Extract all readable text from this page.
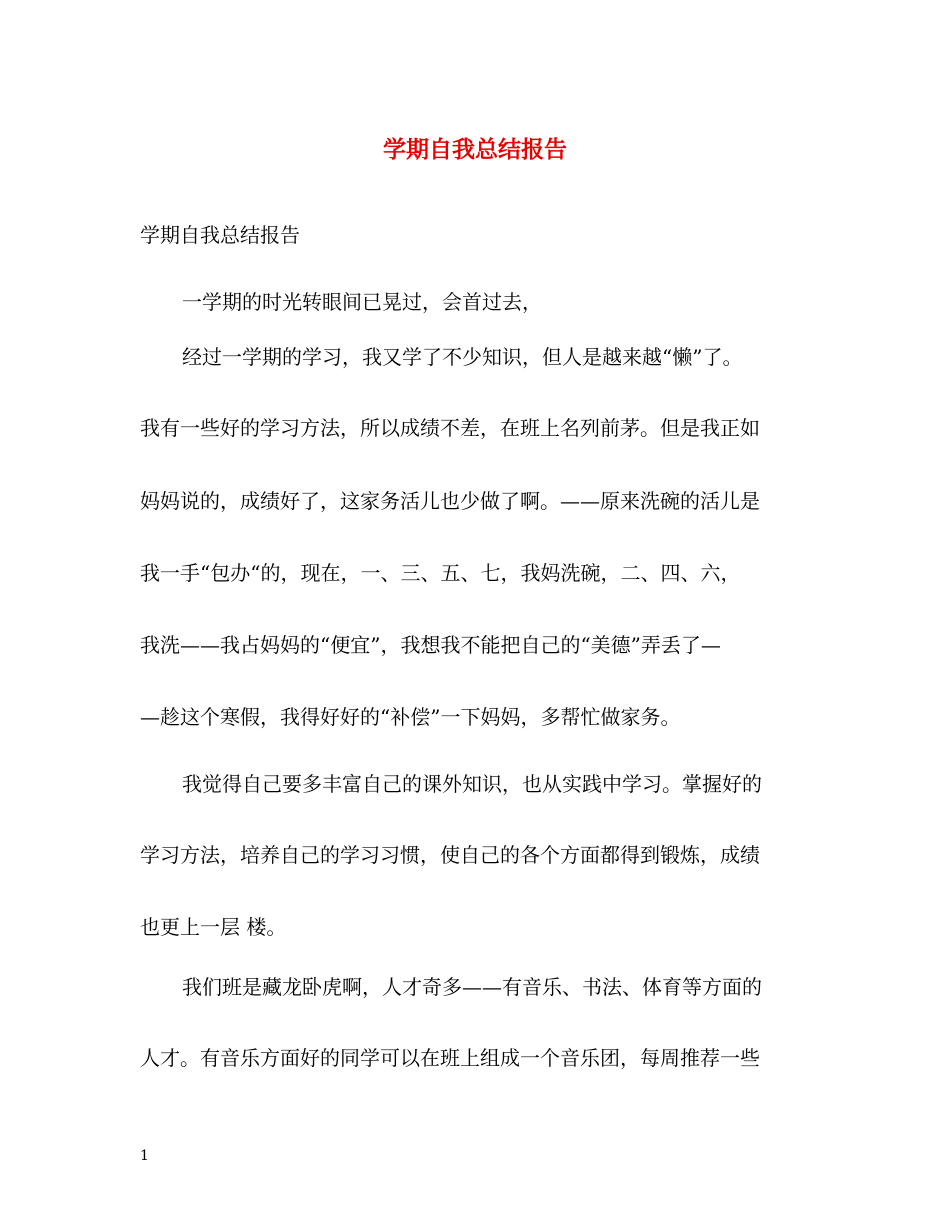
学期自我总结报告
学期自我总结报告
一学期的时光转眼间已晃过，会首过去，
经过一学期的学习，我又学了不少知识，但人是越来越“懒”了。
我有一些好的学习方法，所以成绩不差，在班上名列前茅。但是我正如
妈妈说的，成绩好了，这家务活儿也少做了啊。——原来洗碗的活儿是
我一手“包办“的，现在，一、三、五、七，我妈洗碗，二、四、六，
我洗——我占妈妈的“便宜”，我想我不能把自己的“美德”弄丢了—
—趁这个寒假，我得好好的“补偿”一下妈妈，多帮忙做家务。
我觉得自己要多丰富自己的课外知识，也从实践中学习。掌握好的
学习方法，培养自己的学习习惯，使自己的各个方面都得到锻炼，成绩
也更上一层 楼。
我们班是藏龙卧虎啊，人才奇多——有音乐、书法、体育等方面的
人才。有音乐方面好的同学可以在班上组成一个音乐团，每周推荐一些
1
